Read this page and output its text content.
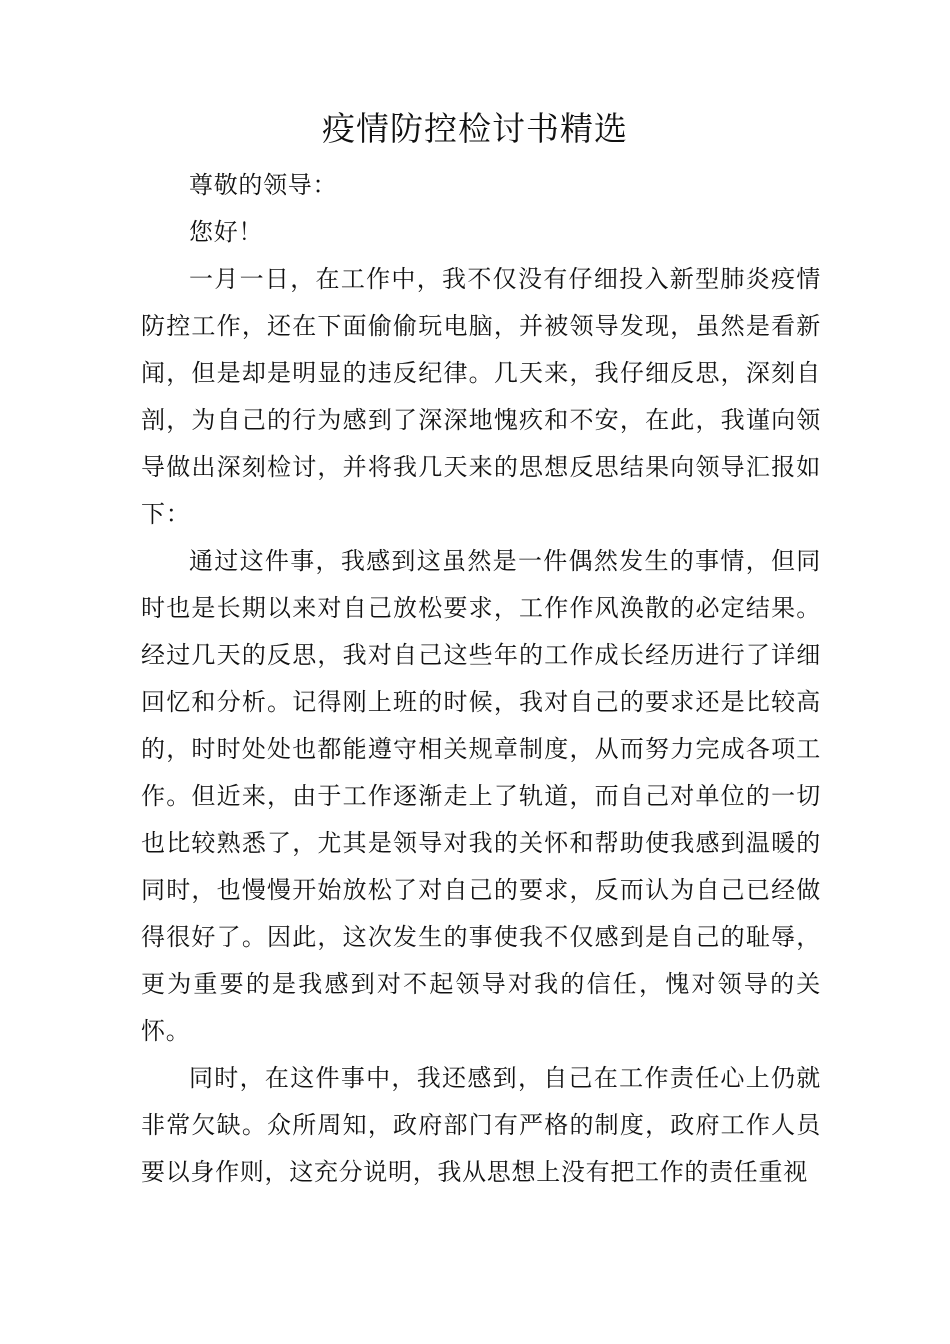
疫情防控检讨书精选

尊敬的领导：

您好！

一月一日，在工作中，我不仅没有仔细投入新型肺炎疫情防控工作，还在下面偷偷玩电脑，并被领导发现，虽然是看新闻，但是却是明显的违反纪律。几天来，我仔细反思，深刻自剖，为自己的行为感到了深深地愧疚和不安，在此，我谨向领导做出深刻检讨，并将我几天来的思想反思结果向领导汇报如下：

通过这件事，我感到这虽然是一件偶然发生的事情，但同时也是长期以来对自己放松要求，工作作风涣散的必定结果。经过几天的反思，我对自己这些年的工作成长经历进行了详细回忆和分析。记得刚上班的时候，我对自己的要求还是比较高的，时时处处也都能遵守相关规章制度，从而努力完成各项工作。但近来，由于工作逐渐走上了轨道，而自己对单位的一切也比较熟悉了，尤其是领导对我的关怀和帮助使我感到温暖的同时，也慢慢开始放松了对自己的要求，反而认为自己已经做得很好了。因此，这次发生的事使我不仅感到是自己的耻辱，更为重要的是我感到对不起领导对我的信任，愧对领导的关怀。

同时，在这件事中，我还感到，自己在工作责任心上仍就非常欠缺。众所周知，政府部门有严格的制度，政府工作人员要以身作则，这充分说明，我从思想上没有把工作的责任重视
